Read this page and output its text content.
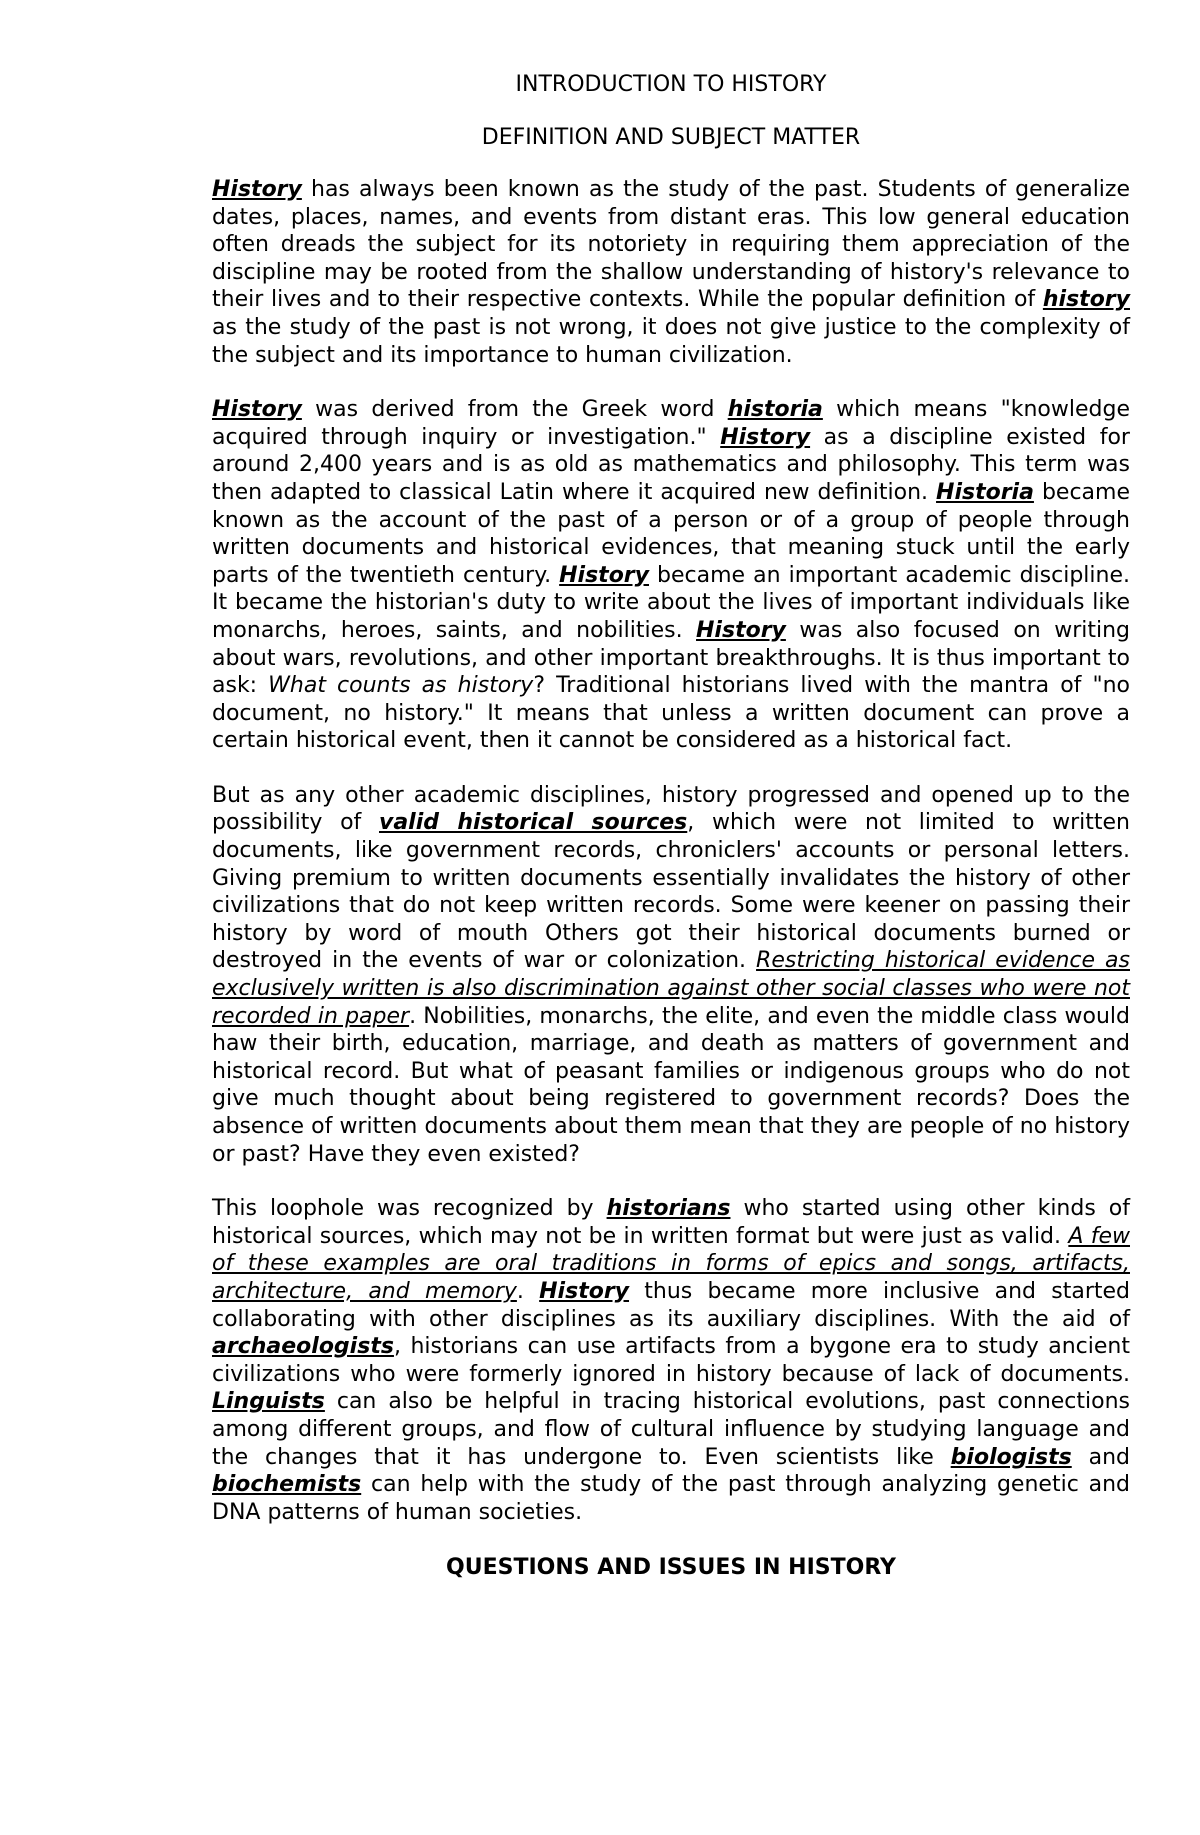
INTRODUCTION TO HISTORY

DEFINITION AND SUBJECT MATTER

History has always been known as the study of the past. Students of generalize dates, places, names, and events from distant eras. This low general education often dreads the subject for its notoriety in requiring them appreciation of the discipline may be rooted from the shallow understanding of history's relevance to their lives and to their respective contexts. While the popular definition of history as the study of the past is not wrong, it does not give justice to the complexity of the subject and its importance to human civilization.

History was derived from the Greek word historia which means "knowledge acquired through inquiry or investigation." History as a discipline existed for around 2,400 years and is as old as mathematics and philosophy. This term was then adapted to classical Latin where it acquired new definition. Historia became known as the account of the past of a person or of a group of people through written documents and historical evidences, that meaning stuck until the early parts of the twentieth century. History became an important academic discipline. It became the historian's duty to write about the lives of important individuals like monarchs, heroes, saints, and nobilities. History was also focused on writing about wars, revolutions, and other important breakthroughs. It is thus important to ask: What counts as history? Traditional historians lived with the mantra of "no document, no history." It means that unless a written document can prove a certain historical event, then it cannot be considered as a historical fact.

But as any other academic disciplines, history progressed and opened up to the possibility of valid historical sources, which were not limited to written documents, like government records, chroniclers' accounts or personal letters. Giving premium to written documents essentially invalidates the history of other civilizations that do not keep written records. Some were keener on passing their history by word of mouth Others got their historical documents burned or destroyed in the events of war or colonization. Restricting historical evidence as exclusively written is also discrimination against other social classes who were not recorded in paper. Nobilities, monarchs, the elite, and even the middle class would haw their birth, education, marriage, and death as matters of government and historical record. But what of peasant families or indigenous groups who do not give much thought about being registered to government records? Does the absence of written documents about them mean that they are people of no history or past? Have they even existed?

This loophole was recognized by historians who started using other kinds of historical sources, which may not be in written format but were just as valid. A few of these examples are oral traditions in forms of epics and songs, artifacts, architecture, and memory. History thus became more inclusive and started collaborating with other disciplines as its auxiliary disciplines. With the aid of archaeologists, historians can use artifacts from a bygone era to study ancient civilizations who were formerly ignored in history because of lack of documents. Linguists can also be helpful in tracing historical evolutions, past connections among different groups, and flow of cultural influence by studying language and the changes that it has undergone to. Even scientists like biologists and biochemists can help with the study of the past through analyzing genetic and DNA patterns of human societies.

QUESTIONS AND ISSUES IN HISTORY
